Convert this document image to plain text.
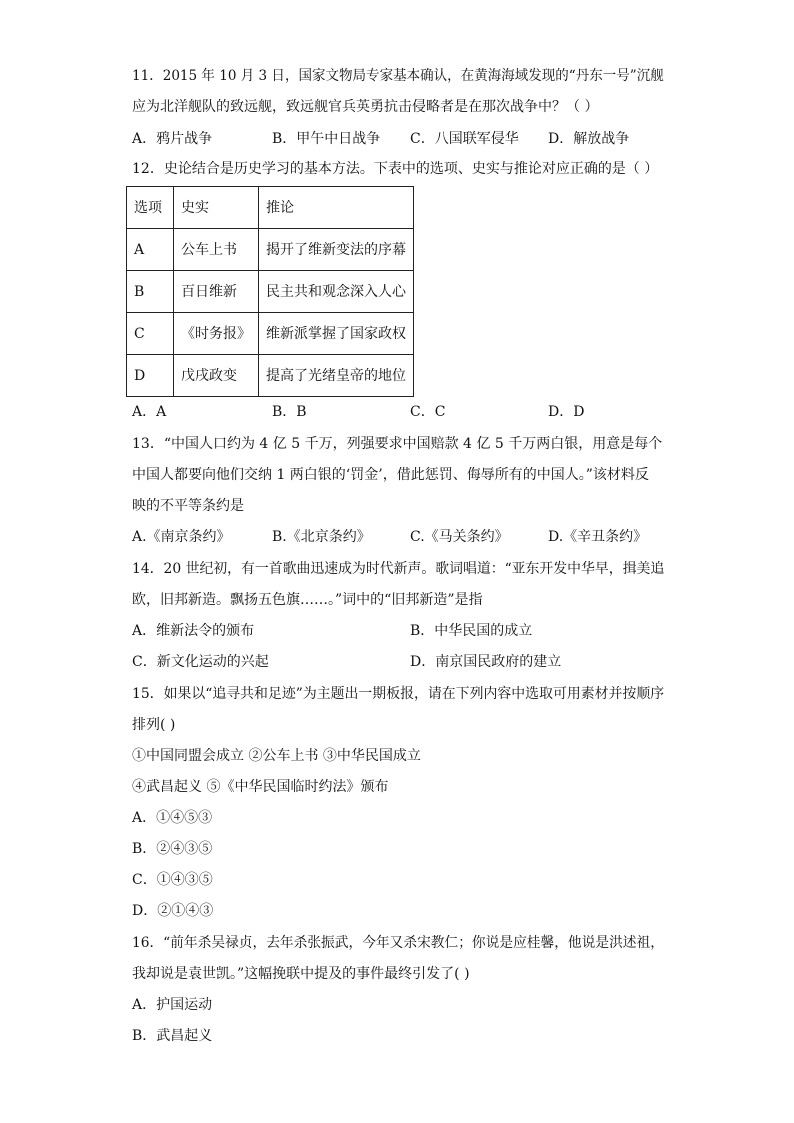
11．2015 年 10 月 3 日，国家文物局专家基本确认，在黄海海域发现的“丹东一号”沉舰
应为北洋舰队的致远舰，致远舰官兵英勇抗击侵略者是在那次战争中？（ ）
A．鸦片战争	B．甲午中日战争 C．八国联军侵华 D．解放战争
12．史论结合是历史学习的基本方法。下表中的选项、史实与推论对应正确的是（ ）
选项	史实	推论
A	公车上书	揭开了维新变法的序幕
B	百日维新	民主共和观念深入人心
C	《时务报》	维新派掌握了国家政权
D	戊戌政变	提高了光绪皇帝的地位
A．A	B．B	C．C	D．D
13．“中国人口约为 4 亿 5 千万，列强要求中国赔款 4 亿 5 千万两白银，用意是每个
中国人都要向他们交纳 1 两白银的‘罚金’，借此惩罚、侮辱所有的中国人。”该材料反
映的不平等条约是
A.《南京条约》	B.《北京条约》	C.《马关条约》	D.《辛丑条约》
14．20 世纪初，有一首歌曲迅速成为时代新声。歌词唱道：“亚东开发中华早，揖美追
欧，旧邦新造。飘扬五色旗……。”词中的“旧邦新造”是指
A．维新法令的颁布	B．中华民国的成立
C．新文化运动的兴起	D．南京国民政府的建立
15．如果以“追寻共和足迹”为主题出一期板报，请在下列内容中选取可用素材并按顺序
排列( )
①中国同盟会成立 ②公车上书 ③中华民国成立
④武昌起义 ⑤《中华民国临时约法》颁布
A．①④⑤③
B．②④③⑤
C．①④③⑤
D．②①④③
16．“前年杀吴禄贞，去年杀张振武，今年又杀宋教仁；你说是应桂馨，他说是洪述祖，
我却说是袁世凯。”这幅挽联中提及的事件最终引发了( )
A．护国运动
B．武昌起义
